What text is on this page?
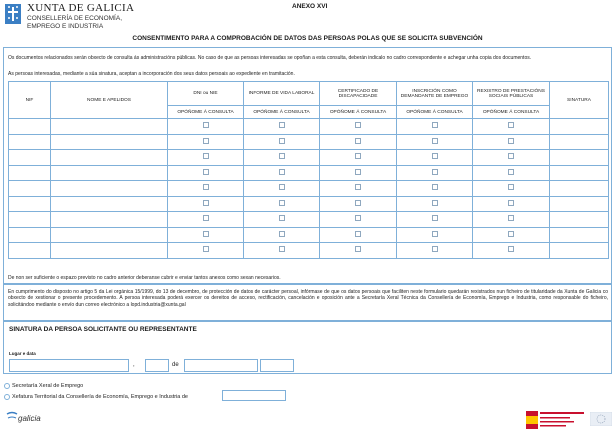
XUNTA DE GALICIA
CONSELLERÍA DE ECONOMÍA,
EMPREGO E INDUSTRIA
ANEXO XVI
CONSENTIMENTO PARA A COMPROBACIÓN DE DATOS DAS PERSOAS POLAS QUE SE SOLICITA SUBVENCIÓN
Os documentos relacionados serán obxecto de consulta ás administracións públicas. No caso de que as persoas interesadas se opoñan a esta consulta, deberán indicalo no cadro correspondente e achegar unha copia dos documentos.
As persoas interesadas, mediante a súa sinatura, aceptan a incorporación dos seus datos persoais ao expediente en tramitación.
NIF	NOME E APELIDOS	DNI ou NIE	INFORME DE VIDA LABORAL	CERTIFICADO DE DISCAPACIDADE	INSCRICIÓN COMO DEMANDANTE DE EMPREGO	REXISTRO DE PRESTACIÓNS SOCIAIS PÚBLICAS	SINATURA
		OPÓÑOME Á CONSULTA	OPÓÑOME Á CONSULTA	OPÓÑOME Á CONSULTA	OPÓÑOME Á CONSULTA	OPÓÑOME Á CONSULTA	

De non ser suficiente o espazo previsto no cadro anterior deberanse cubrir e enviar tantos anexos como sexan necesarios.
En cumprimento do disposto no artigo 5 da Lei orgánica 15/1999, do 13 de decembro, de protección de datos de carácter persoal, infórmase de que os datos persoais que faciliten neste formulario quedarán rexistrados nun ficheiro de titularidade da Xunta de Galicia co obxecto de xestionar o presente procedemento. A persoa interesada poderá exercer os dereitos de acceso, rectificación, cancelación e oposición ante a Secretaría Xeral Técnica da Consellería de Economía, Emprego e Industria, como responsable do ficheiro, solicitándoo mediante o envío dun correo electrónico a lopd.industria@xunta.gal
SINATURA DA PERSOA SOLICITANTE OU REPRESENTANTE
Lugar e data
,	de
Secretaría Xeral de Emprego
Xefatura Territorial da Consellería de Economía, Emprego e Industria de
galicia
